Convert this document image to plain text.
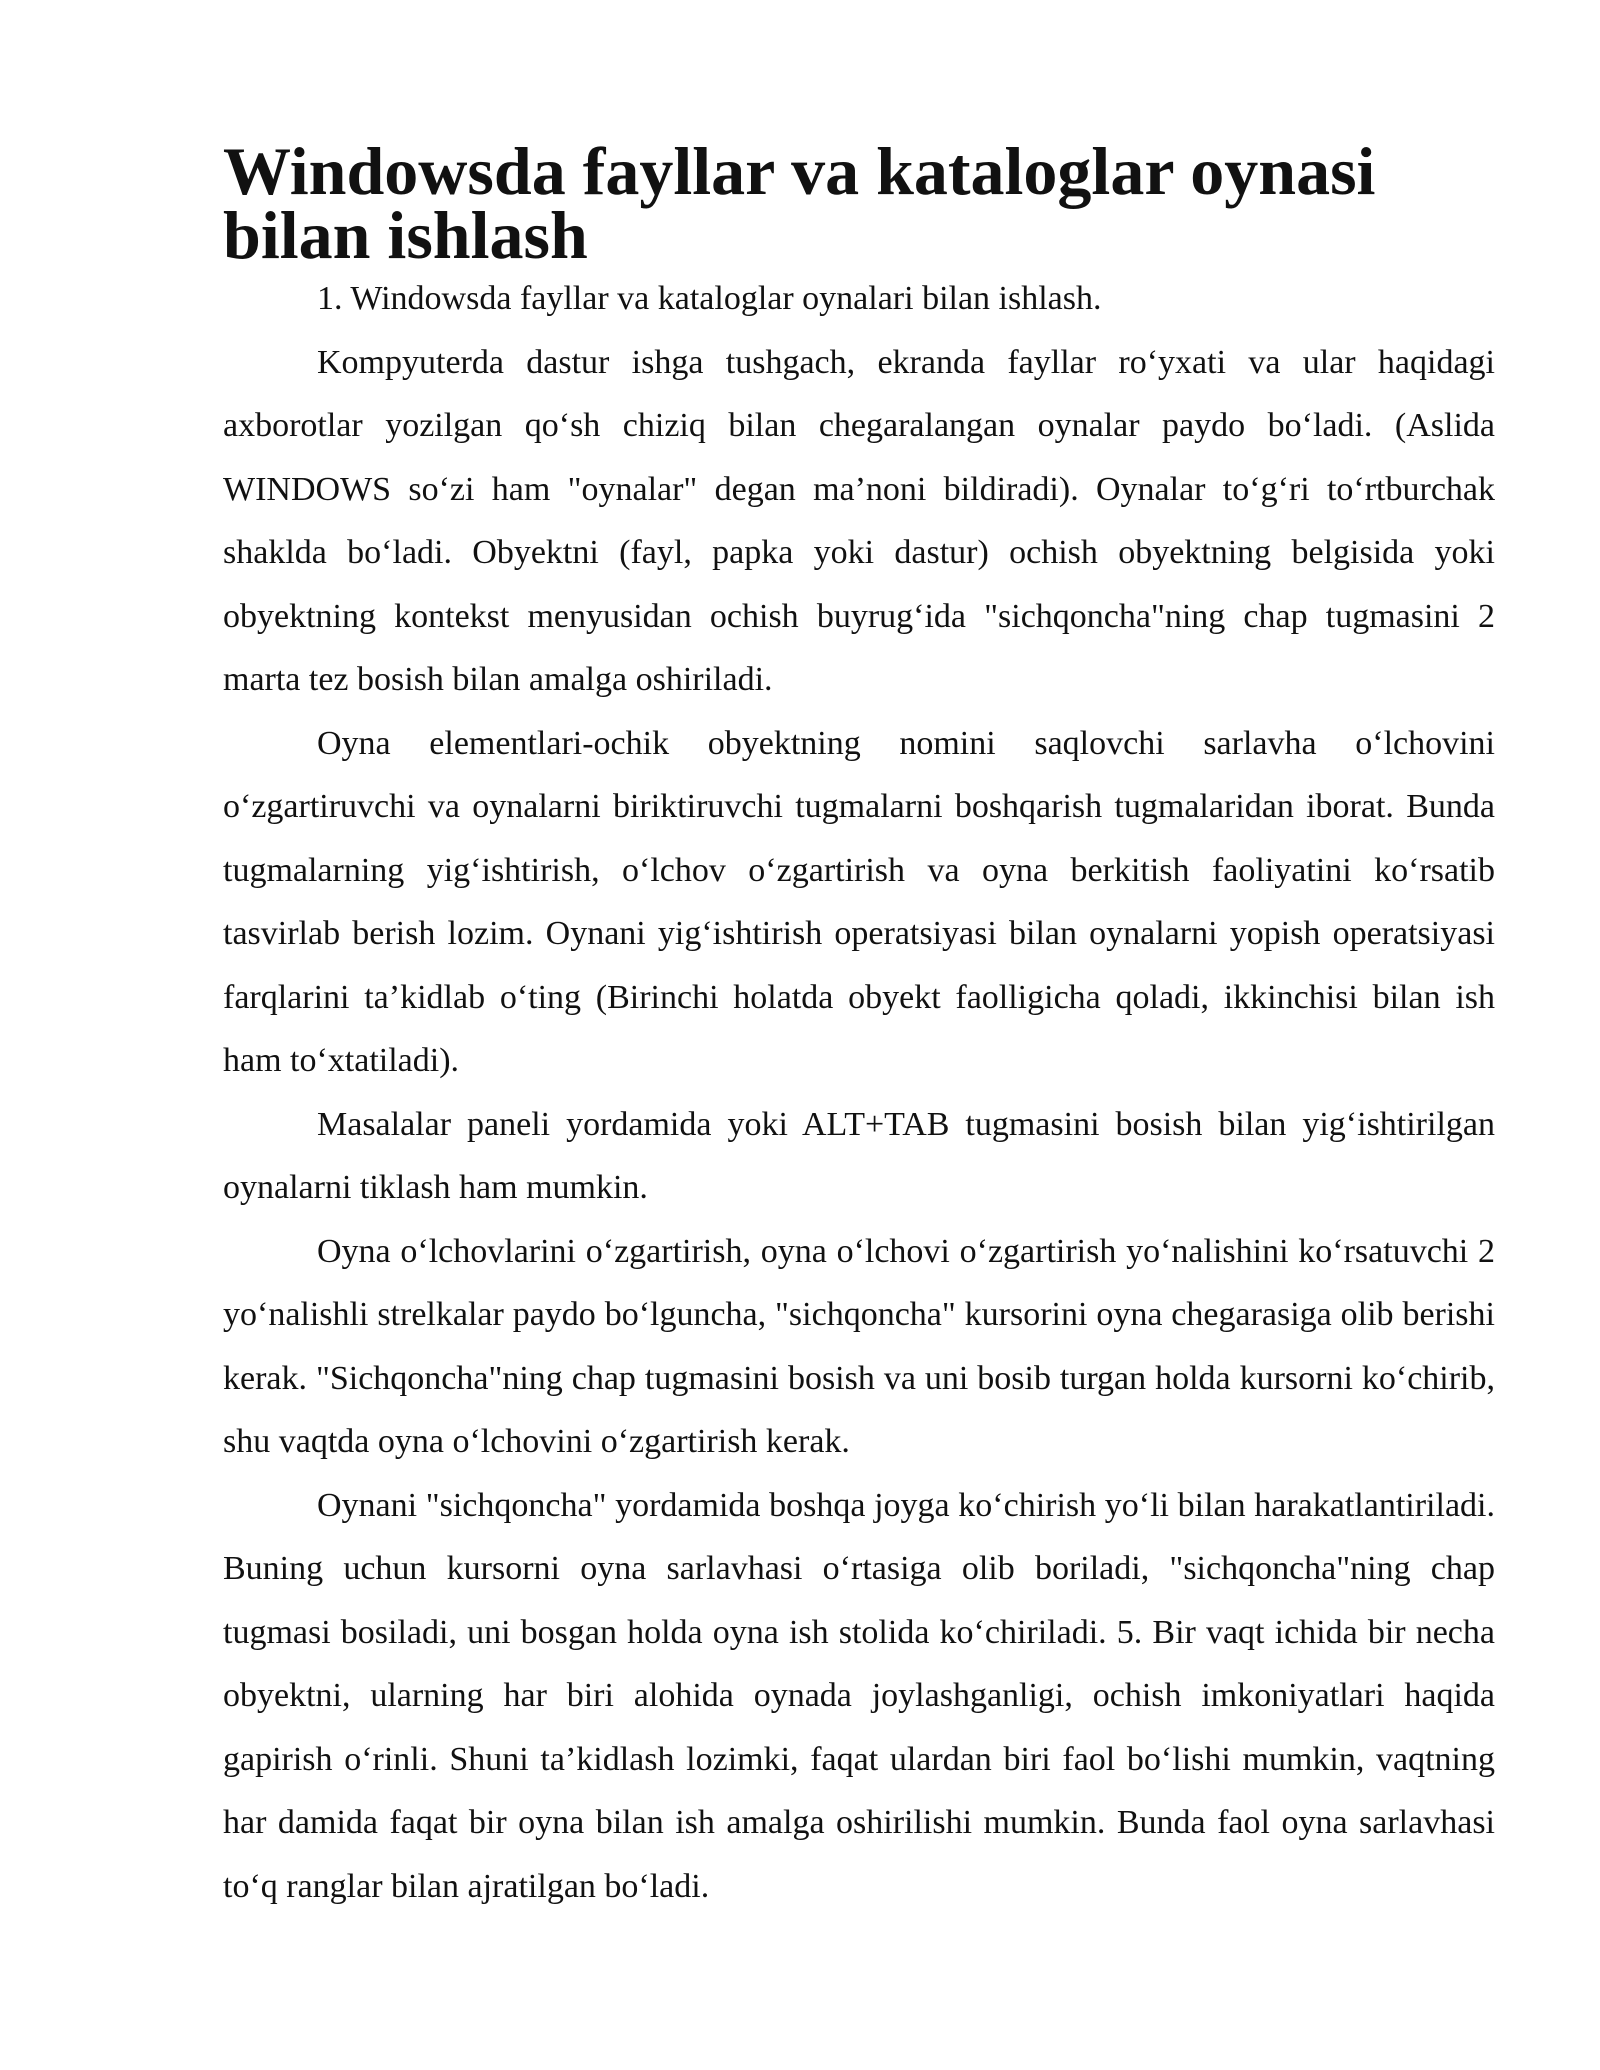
Windowsda fayllar va kataloglar oynasi bilan ishlash

1. Windowsda fayllar va kataloglar oynalari bilan ishlash.

Kompyuterda dastur ishga tushgach, ekranda fayllar ro‘yxati va ular haqidagi axborotlar yozilgan qo‘sh chiziq bilan chegaralangan oynalar paydo bo‘ladi. (Aslida WINDOWS so‘zi ham "oynalar" degan ma’noni bildiradi). Oynalar to‘g‘ri to‘rtburchak shaklda bo‘ladi. Obyektni (fayl, papka yoki dastur) ochish obyektning belgisida yoki obyektning kontekst menyusidan ochish buyrug‘ida "sichqoncha"ning chap tugmasini 2 marta tez bosish bilan amalga oshiriladi.

Oyna elementlari-ochik obyektning nomini saqlovchi sarlavha o‘lchovini o‘zgartiruvchi va oynalarni biriktiruvchi tugmalarni boshqarish tugmalaridan iborat. Bunda tugmalarning yig‘ishtirish, o‘lchov o‘zgartirish va oyna berkitish faoliyatini ko‘rsatib tasvirlab berish lozim. Oynani yig‘ishtirish operatsiyasi bilan oynalarni yopish operatsiyasi farqlarini ta’kidlab o‘ting (Birinchi holatda obyekt faolligicha qoladi, ikkinchisi bilan ish ham to‘xtatiladi).

Masalalar paneli yordamida yoki ALT+TAB tugmasini bosish bilan yig‘ishtirilgan oynalarni tiklash ham mumkin.

Oyna o‘lchovlarini o‘zgartirish, oyna o‘lchovi o‘zgartirish yo‘nalishini ko‘rsatuvchi 2 yo‘nalishli strelkalar paydo bo‘lguncha, "sichqoncha" kursorini oyna chegarasiga olib berishi kerak. "Sichqoncha"ning chap tugmasini bosish va uni bosib turgan holda kursorni ko‘chirib, shu vaqtda oyna o‘lchovini o‘zgartirish kerak.

Oynani "sichqoncha" yordamida boshqa joyga ko‘chirish yo‘li bilan harakatlantiriladi. Buning uchun kursorni oyna sarlavhasi o‘rtasiga olib boriladi, "sichqoncha"ning chap tugmasi bosiladi, uni bosgan holda oyna ish stolida ko‘chiriladi. 5. Bir vaqt ichida bir necha obyektni, ularning har biri alohida oynada joylashganligi, ochish imkoniyatlari haqida gapirish o‘rinli. Shuni ta’kidlash lozimki, faqat ulardan biri faol bo‘lishi mumkin, vaqtning har damida faqat bir oyna bilan ish amalga oshirilishi mumkin. Bunda faol oyna sarlavhasi to‘q ranglar bilan ajratilgan bo‘ladi.
